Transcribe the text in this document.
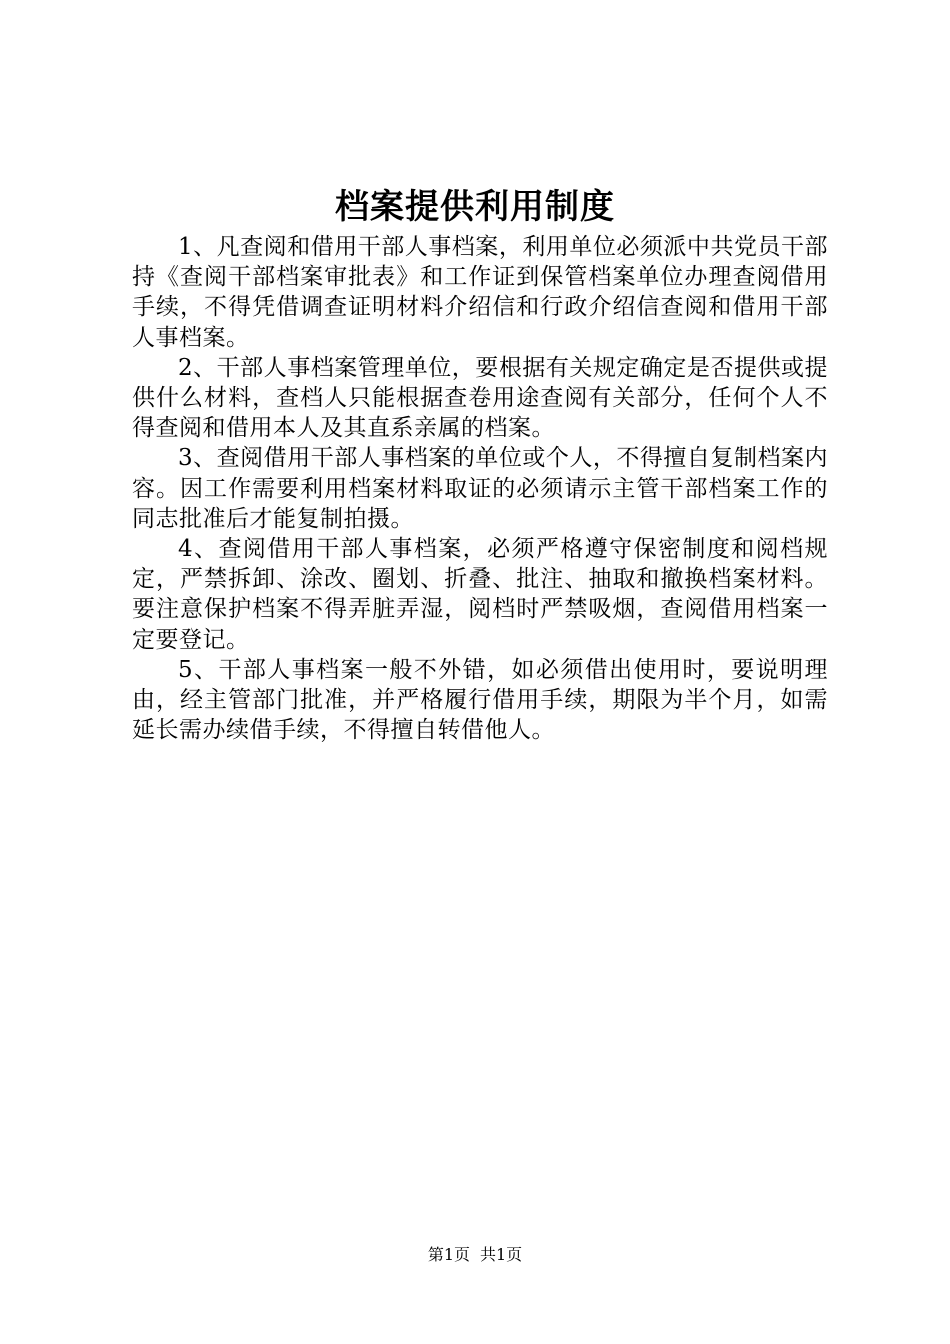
档案提供利用制度

1、凡查阅和借用干部人事档案，利用单位必须派中共党员干部持《查阅干部档案审批表》和工作证到保管档案单位办理查阅借用手续，不得凭借调查证明材料介绍信和行政介绍信查阅和借用干部人事档案。

2、干部人事档案管理单位，要根据有关规定确定是否提供或提供什么材料，查档人只能根据查卷用途查阅有关部分，任何个人不得查阅和借用本人及其直系亲属的档案。

3、查阅借用干部人事档案的单位或个人，不得擅自复制档案内容。因工作需要利用档案材料取证的必须请示主管干部档案工作的同志批准后才能复制拍摄。

4、查阅借用干部人事档案，必须严格遵守保密制度和阅档规定，严禁拆卸、涂改、圈划、折叠、批注、抽取和撤换档案材料。要注意保护档案不得弄脏弄湿，阅档时严禁吸烟，查阅借用档案一定要登记。

5、干部人事档案一般不外错，如必须借出使用时，要说明理由，经主管部门批准，并严格履行借用手续，期限为半个月，如需延长需办续借手续，不得擅自转借他人。

第1页 共1页
